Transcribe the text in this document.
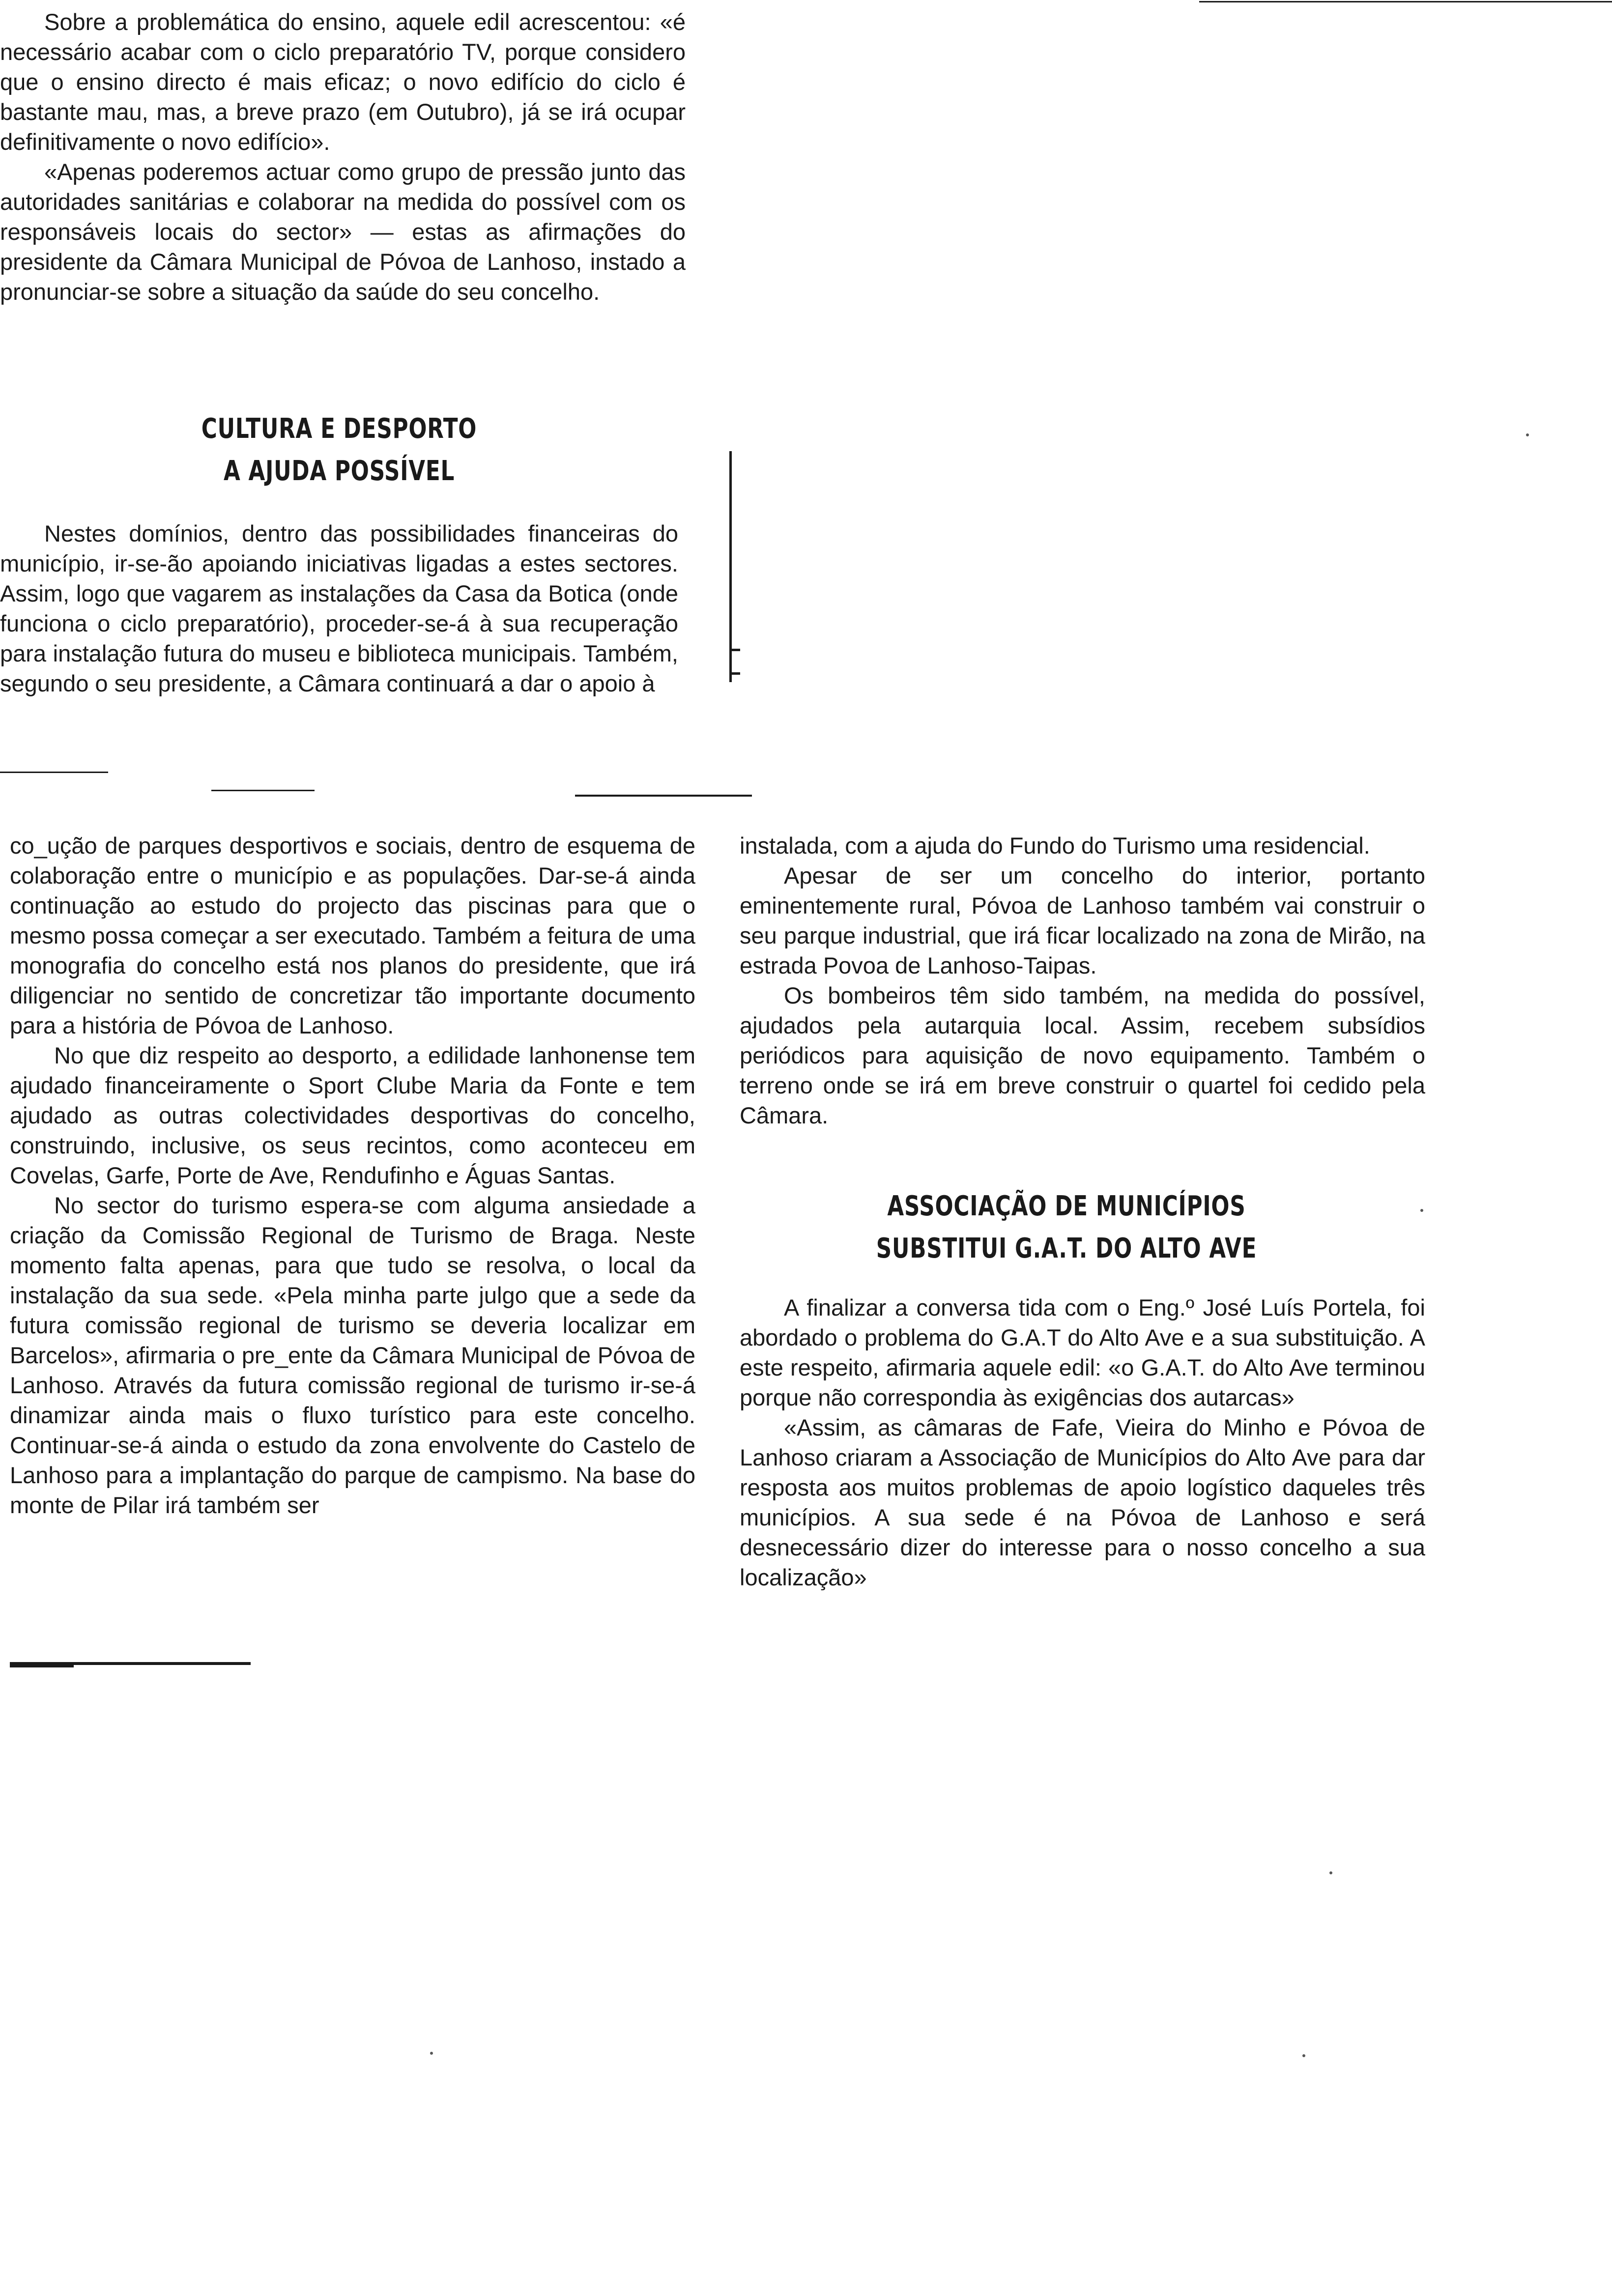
Sobre a problemática do ensino, aquele edil acrescentou: «é necessário acabar com o ciclo preparatório TV, porque considero que o ensino directo é mais eficaz; o novo edifício do ciclo é bastante mau, mas, a breve prazo (em Outubro), já se irá ocupar definitivamente o novo edifício».

«Apenas poderemos actuar como grupo de pressão junto das autoridades sanitárias e colaborar na medida do possível com os responsáveis locais do sector» — estas as afirmações do presidente da Câmara Municipal de Póvoa de Lanhoso, instado a pronunciar-se sobre a situação da saúde do seu concelho.

CULTURA E DESPORTO
A AJUDA POSSÍVEL

Nestes domínios, dentro das possibilidades financeiras do município, ir-se-ão apoiando iniciativas ligadas a estes sectores. Assim, logo que vagarem as instalações da Casa da Botica (onde funciona o ciclo preparatório), proceder-se-á à sua recuperação para instalação futura do museu e biblioteca municipais. Também, segundo o seu presidente, a Câmara continuará a dar o apoio à

co_ução de parques desportivos e sociais, dentro de esquema de colaboração entre o município e as populações. Dar-se-á ainda continuação ao estudo do projecto das piscinas para que o mesmo possa começar a ser executado. Também a feitura de uma monografia do concelho está nos planos do presidente, que irá diligenciar no sentido de concretizar tão importante documento para a história de Póvoa de Lanhoso.

No que diz respeito ao desporto, a edilidade lanhonense tem ajudado financeiramente o Sport Clube Maria da Fonte e tem ajudado as outras colectividades desportivas do concelho, construindo, inclusive, os seus recintos, como aconteceu em Covelas, Garfe, Porte de Ave, Rendufinho e Águas Santas.

No sector do turismo espera-se com alguma ansiedade a criação da Comissão Regional de Turismo de Braga. Neste momento falta apenas, para que tudo se resolva, o local da instalação da sua sede. «Pela minha parte julgo que a sede da futura comissão regional de turismo se deveria localizar em Barcelos», afirmaria o pre_ente da Câmara Municipal de Póvoa de Lanhoso. Através da futura comissão regional de turismo ir-se-á dinamizar ainda mais o fluxo turístico para este concelho. Continuar-se-á ainda o estudo da zona envolvente do Castelo de Lanhoso para a implantação do parque de campismo. Na base do monte de Pilar irá também ser

instalada, com a ajuda do Fundo do Turismo uma residencial.

Apesar de ser um concelho do interior, portanto eminentemente rural, Póvoa de Lanhoso também vai construir o seu parque industrial, que irá ficar localizado na zona de Mirão, na estrada Povoa de Lanhoso-Taipas.

Os bombeiros têm sido também, na medida do possível, ajudados pela autarquia local. Assim, recebem subsídios periódicos para aquisição de novo equipamento. Também o terreno onde se irá em breve construir o quartel foi cedido pela Câmara.

ASSOCIAÇÃO DE MUNICÍPIOS
SUBSTITUI G.A.T. DO ALTO AVE

A finalizar a conversa tida com o Eng.º José Luís Portela, foi abordado o problema do G.A.T do Alto Ave e a sua substituição. A este respeito, afirmaria aquele edil: «o G.A.T. do Alto Ave terminou porque não correspondia às exigências dos autarcas»

«Assim, as câmaras de Fafe, Vieira do Minho e Póvoa de Lanhoso criaram a Associação de Municípios do Alto Ave para dar resposta aos muitos problemas de apoio logístico daqueles três municípios. A sua sede é na Póvoa de Lanhoso e será desnecessário dizer do interesse para o nosso concelho a sua localização»
